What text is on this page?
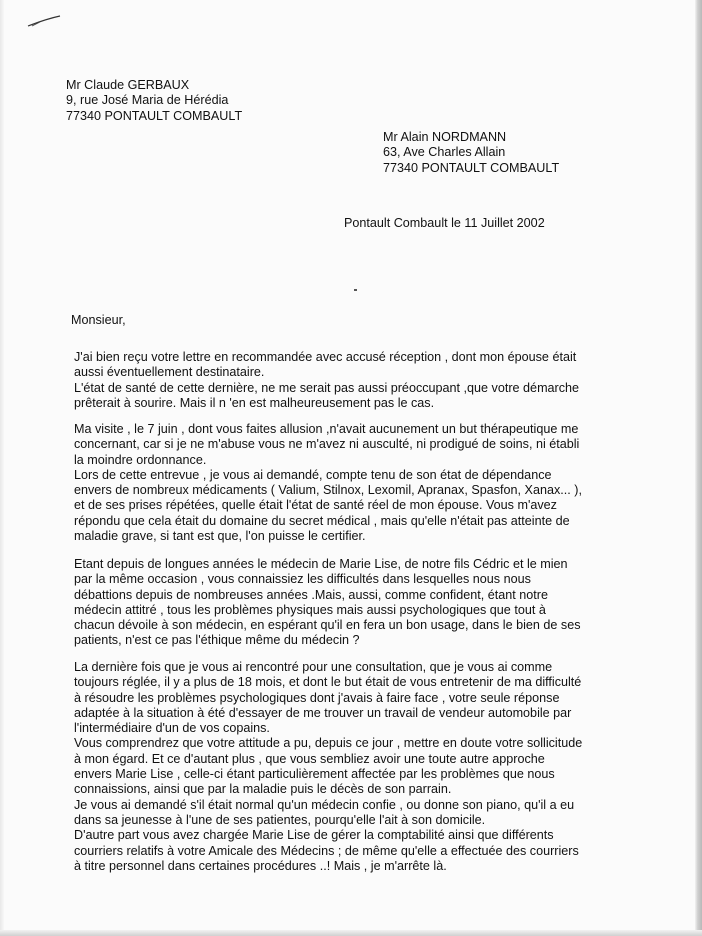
Mr Claude GERBAUX
9, rue José Maria de Hérédia
77340 PONTAULT COMBAULT
Mr Alain NORDMANN
63, Ave Charles Allain
77340 PONTAULT COMBAULT
Pontault Combault le 11 Juillet 2002
Monsieur,
J'ai bien reçu votre lettre en recommandée avec accusé réception , dont mon épouse était
aussi éventuellement destinataire.
L'état de santé de cette dernière, ne me serait pas aussi préoccupant ,que votre démarche
prêterait à sourire. Mais il n 'en est malheureusement pas le cas.
Ma visite , le 7 juin , dont vous faites allusion ,n'avait aucunement un but thérapeutique me
concernant, car si je ne m'abuse vous ne m'avez ni ausculté, ni prodigué de soins, ni établi
la moindre ordonnance.
Lors de cette entrevue , je vous ai demandé, compte tenu de son état de dépendance
envers de nombreux médicaments ( Valium, Stilnox, Lexomil, Apranax, Spasfon, Xanax... ),
et de ses prises répétées, quelle était l'état de santé réel de mon épouse. Vous m'avez
répondu que cela était du domaine du secret médical , mais qu'elle n'était pas atteinte de
maladie grave, si tant est que, l'on puisse le certifier.
Etant depuis de longues années le médecin de Marie Lise, de notre fils Cédric et le mien
par la même occasion , vous connaissiez les difficultés dans lesquelles nous nous
débattions depuis de nombreuses années .Mais, aussi, comme confident, étant notre
médecin attitré , tous les problèmes physiques mais aussi psychologiques que tout à
chacun dévoile à son médecin, en espérant qu'il en fera un bon usage, dans le bien de ses
patients, n'est ce pas l'éthique même du médecin ?
La dernière fois que je vous ai rencontré pour une consultation, que je vous ai comme
toujours réglée, il y a plus de 18 mois, et dont le but était de vous entretenir de ma difficulté
à résoudre les problèmes psychologiques dont j'avais à faire face , votre seule réponse
adaptée à la situation à été d'essayer de me trouver un travail de vendeur automobile par
l'intermédiaire d'un de vos copains.
Vous comprendrez que votre attitude a pu, depuis ce jour , mettre en doute votre sollicitude
à mon égard. Et ce d'autant plus , que vous sembliez avoir une toute autre approche
envers Marie Lise , celle-ci étant particulièrement affectée par les problèmes que nous
connaissions, ainsi que par la maladie puis le décès de son parrain.
Je vous ai demandé s'il était normal qu'un médecin confie , ou donne son piano, qu'il a eu
dans sa jeunesse à l'une de ses patientes, pourqu'elle l'ait à son domicile.
D'autre part vous avez chargée Marie Lise de gérer la comptabilité ainsi que différents
courriers relatifs à votre Amicale des Médecins ; de même qu'elle a effectuée des courriers
à titre personnel dans certaines procédures ..! Mais , je m'arrête là.
